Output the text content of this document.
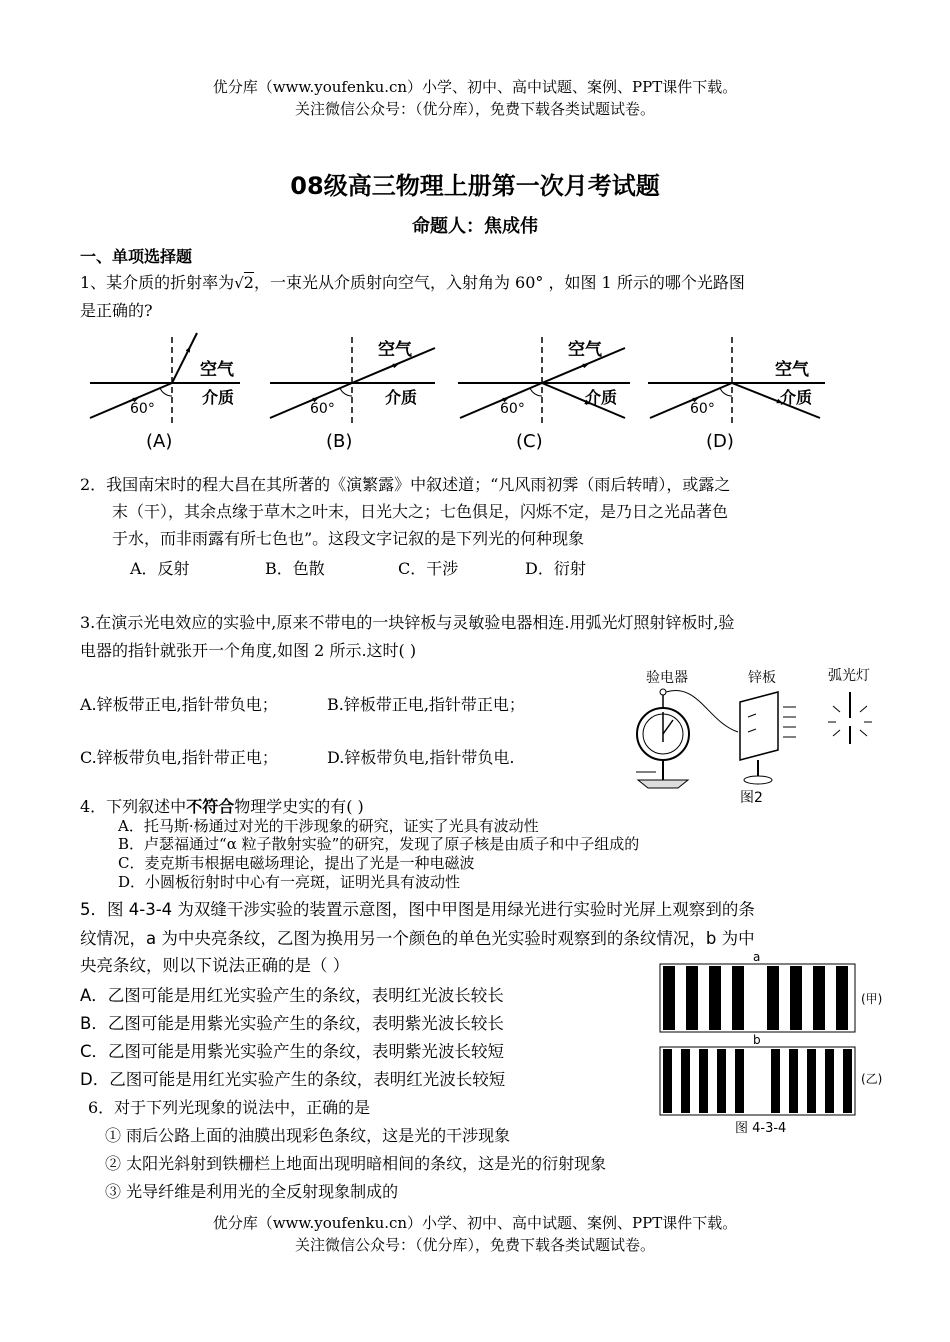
优分库（www.youfenku.cn）小学、初中、高中试题、案例、PPT课件下载。
关注微信公众号：（优分库），免费下载各类试题试卷。
08级高三物理上册第一次月考试题
命题人：焦成伟
一、单项选择题
1、某介质的折射率为√2，一束光从介质射向空气，入射角为 60° ，如图 1 所示的哪个光路图
是正确的?
空气
介质
60°
(A)
空气
介质
60°
(B)
空气
介质
60°
(C)
空气
介质
60°
(D)
2．我国南宋时的程大昌在其所著的《演繁露》中叙述道；“凡风雨初霁（雨后转晴），或露之
末（干），其余点缘于草木之叶末，日光大之；七色俱足，闪烁不定，是乃日之光品著色
于水，而非雨露有所七色也”。这段文字记叙的是下列光的何种现象
A．反射	B．色散	C．干涉	D．衍射
3.在演示光电效应的实验中,原来不带电的一块锌板与灵敏验电器相连.用弧光灯照射锌板时,验
电器的指针就张开一个角度,如图 2 所示.这时( )
A.锌板带正电,指针带负电；	B.锌板带正电,指针带正电；
C.锌板带负电,指针带正电；	D.锌板带负电,指针带负电.
验电器	锌板	弧光灯
图2
4．下列叙述中不符合物理学史实的有( )
A．托马斯·杨通过对光的干涉现象的研究，证实了光具有波动性
B．卢瑟福通过“α 粒子散射实验”的研究，发现了原子核是由质子和中子组成的
C．麦克斯韦根据电磁场理论，提出了光是一种电磁波
D．小圆板衍射时中心有一亮斑，证明光具有波动性
5．图 4-3-4 为双缝干涉实验的装置示意图，图中甲图是用绿光进行实验时光屏上观察到的条
纹情况，a 为中央亮条纹，乙图为换用另一个颜色的单色光实验时观察到的条纹情况，b 为中
央亮条纹，则以下说法正确的是（ ）
A．乙图可能是用红光实验产生的条纹，表明红光波长较长
B．乙图可能是用紫光实验产生的条纹，表明紫光波长较长
C．乙图可能是用紫光实验产生的条纹，表明紫光波长较短
D．乙图可能是用红光实验产生的条纹，表明红光波长较短
a
(甲)
b
(乙)
图 4-3-4
6．对于下列光现象的说法中，正确的是
① 雨后公路上面的油膜出现彩色条纹，这是光的干涉现象
② 太阳光斜射到铁栅栏上地面出现明暗相间的条纹，这是光的衍射现象
③ 光导纤维是利用光的全反射现象制成的
优分库（www.youfenku.cn）小学、初中、高中试题、案例、PPT课件下载。
关注微信公众号：（优分库），免费下载各类试题试卷。
